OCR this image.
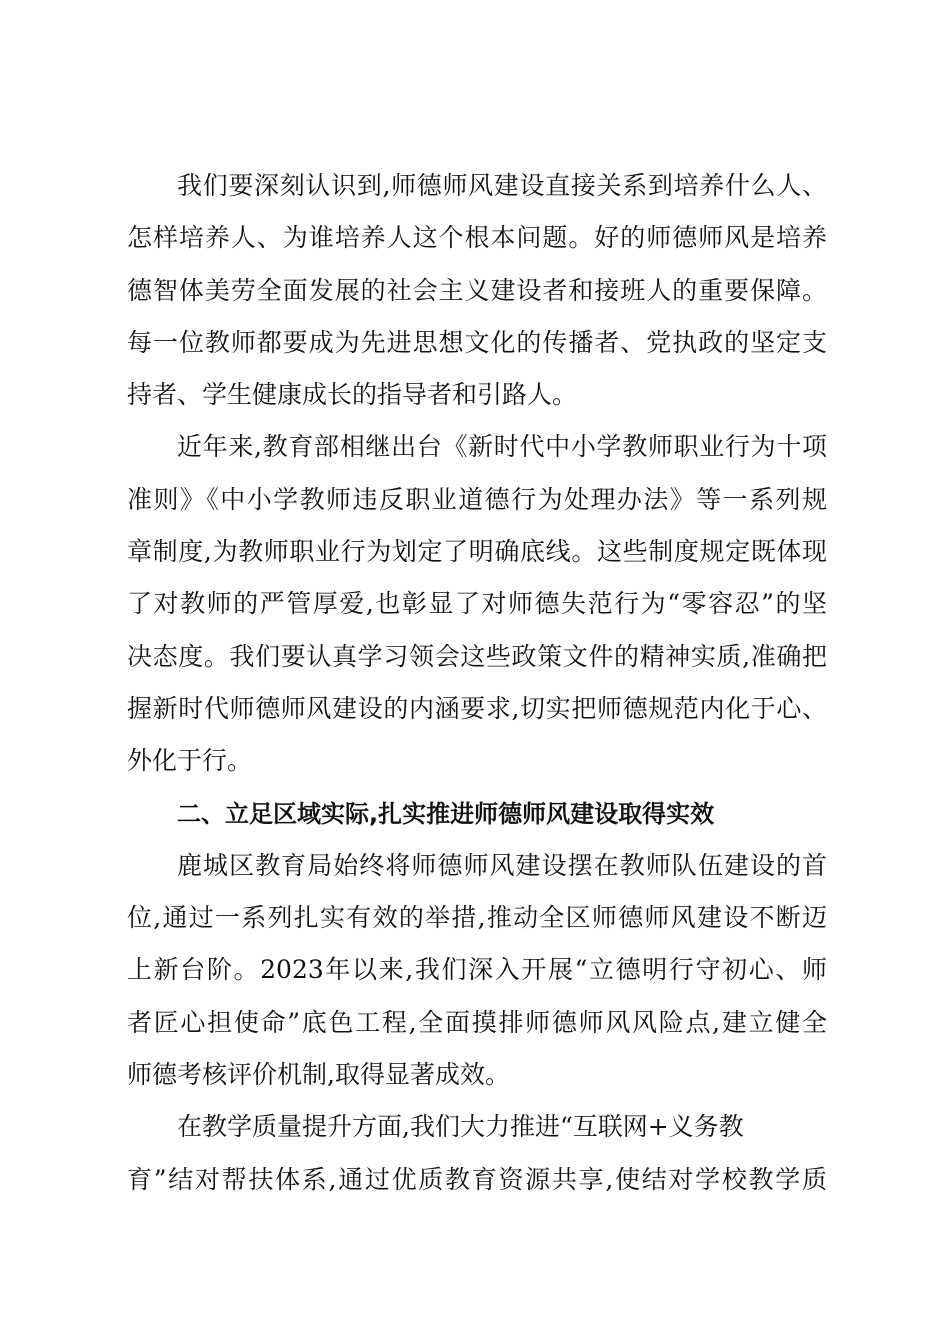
我们要深刻认识到,师德师风建设直接关系到培养什么人、
怎样培养人、为谁培养人这个根本问题。好的师德师风是培养
德智体美劳全面发展的社会主义建设者和接班人的重要保障。
每一位教师都要成为先进思想文化的传播者、党执政的坚定支
持者、学生健康成长的指导者和引路人。
近年来,教育部相继出台《新时代中小学教师职业行为十项
准则》《中小学教师违反职业道德行为处理办法》等一系列规
章制度,为教师职业行为划定了明确底线。这些制度规定既体现
了对教师的严管厚爱,也彰显了对师德失范行为“零容忍”的坚
决态度。我们要认真学习领会这些政策文件的精神实质,准确把
握新时代师德师风建设的内涵要求,切实把师德规范内化于心、
外化于行。
二、立足区域实际,扎实推进师德师风建设取得实效
鹿城区教育局始终将师德师风建设摆在教师队伍建设的首
位,通过一系列扎实有效的举措,推动全区师德师风建设不断迈
上新台阶。2023年以来,我们深入开展“立德明行守初心、师
者匠心担使命”底色工程,全面摸排师德师风风险点,建立健全
师德考核评价机制,取得显著成效。
在教学质量提升方面,我们大力推进“互联网+义务教
育”结对帮扶体系,通过优质教育资源共享,使结对学校教学质
